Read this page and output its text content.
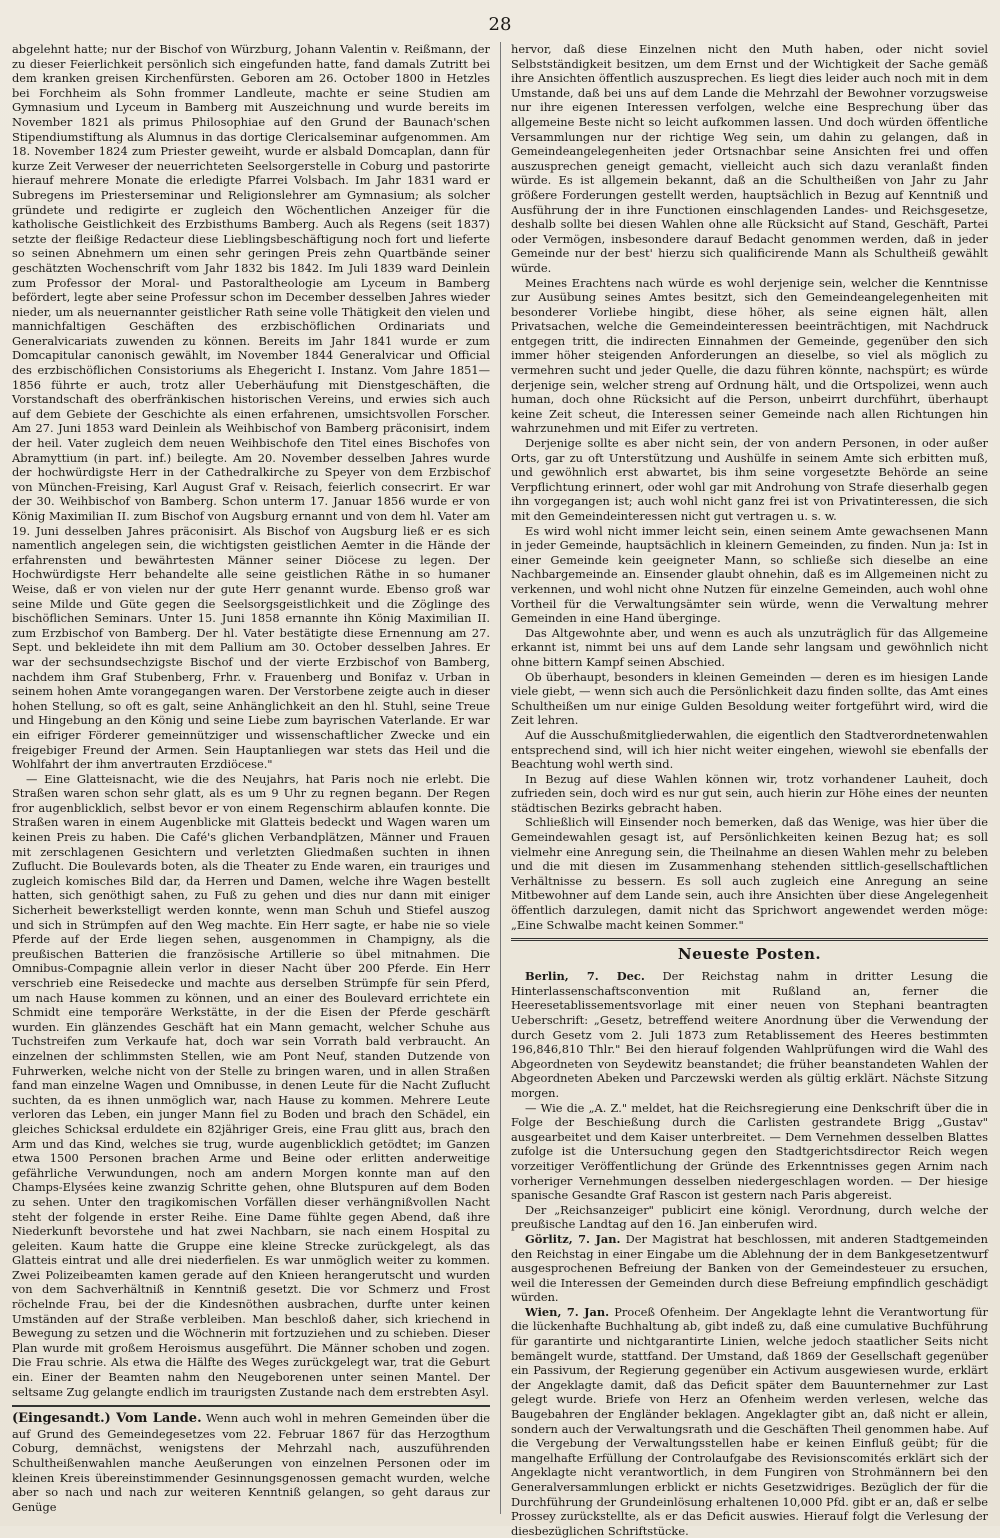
28

abgelehnt hatte; nur der Bischof von Würzburg, Johann Valentin v. Reißmann, der zu dieser Feierlichkeit persönlich sich eingefunden hatte, fand damals Zutritt bei dem kranken greisen Kirchenfürsten. Geboren am 26. October 1800 in Hetzles bei Forchheim als Sohn frommer Landleute, machte er seine Studien am Gymnasium und Lyceum in Bamberg mit Auszeichnung und wurde bereits im November 1821 als primus Philosophiae auf den Grund der Baunach'schen Stipendiumstiftung als Alumnus in das dortige Clericalseminar aufgenommen. Am 18. November 1824 zum Priester geweiht, wurde er alsbald Domcaplan, dann für kurze Zeit Verweser der neuerrichteten Seelsorgerstelle in Coburg und pastorirte hierauf mehrere Monate die erledigte Pfarrei Volsbach. Im Jahr 1831 ward er Subregens im Priesterseminar und Religionslehrer am Gymnasium; als solcher gründete und redigirte er zugleich den Wöchentlichen Anzeiger für die katholische Geistlichkeit des Erzbisthums Bamberg. Auch als Regens (seit 1837) setzte der fleißige Redacteur diese Lieblingsbeschäftigung noch fort und lieferte so seinen Abnehmern um einen sehr geringen Preis zehn Quartbände seiner geschätzten Wochenschrift vom Jahr 1832 bis 1842. Im Juli 1839 ward Deinlein zum Professor der Moral- und Pastoraltheologie am Lyceum in Bamberg befördert, legte aber seine Professur schon im December desselben Jahres wieder nieder, um als neuernannter geistlicher Rath seine volle Thätigkeit den vielen und mannichfaltigen Geschäften des erzbischöflichen Ordinariats und Generalvicariats zuwenden zu können. Bereits im Jahr 1841 wurde er zum Domcapitular canonisch gewählt, im November 1844 Generalvicar und Official des erzbischöflichen Consistoriums als Ehegericht I. Instanz. Vom Jahre 1851—1856 führte er auch, trotz aller Ueberhäufung mit Dienstgeschäften, die Vorstandschaft des oberfränkischen historischen Vereins, und erwies sich auch auf dem Gebiete der Geschichte als einen erfahrenen, umsichtsvollen Forscher. Am 27. Juni 1853 ward Deinlein als Weihbischof von Bamberg präconisirt, indem der heil. Vater zugleich dem neuen Weihbischofe den Titel eines Bischofes von Abramyttium (in part. inf.) beilegte. Am 20. November desselben Jahres wurde der hochwürdigste Herr in der Cathedralkirche zu Speyer von dem Erzbischof von München-Freising, Karl August Graf v. Reisach, feierlich consecrirt. Er war der 30. Weihbischof von Bamberg. Schon unterm 17. Januar 1856 wurde er von König Maximilian II. zum Bischof von Augsburg ernannt und von dem hl. Vater am 19. Juni desselben Jahres präconisirt. Als Bischof von Augsburg ließ er es sich namentlich angelegen sein, die wichtigsten geistlichen Aemter in die Hände der erfahrensten und bewährtesten Männer seiner Diöcese zu legen. Der Hochwürdigste Herr behandelte alle seine geistlichen Räthe in so humaner Weise, daß er von vielen nur der gute Herr genannt wurde. Ebenso groß war seine Milde und Güte gegen die Seelsorgsgeistlichkeit und die Zöglinge des bischöflichen Seminars. Unter 15. Juni 1858 ernannte ihn König Maximilian II. zum Erzbischof von Bamberg. Der hl. Vater bestätigte diese Ernennung am 27. Sept. und bekleidete ihn mit dem Pallium am 30. October desselben Jahres. Er war der sechsundsechzigste Bischof und der vierte Erzbischof von Bamberg, nachdem ihm Graf Stubenberg, Frhr. v. Frauenberg und Bonifaz v. Urban in seinem hohen Amte vorangegangen waren. Der Verstorbene zeigte auch in dieser hohen Stellung, so oft es galt, seine Anhänglichkeit an den hl. Stuhl, seine Treue und Hingebung an den König und seine Liebe zum bayrischen Vaterlande. Er war ein eifriger Förderer gemeinnütziger und wissenschaftlicher Zwecke und ein freigebiger Freund der Armen. Sein Hauptanliegen war stets das Heil und die Wohlfahrt der ihm anvertrauten Erzdiöcese."

— Eine Glatteisnacht, wie die des Neujahrs, hat Paris noch nie erlebt. Die Straßen waren schon sehr glatt, als es um 9 Uhr zu regnen begann. Der Regen fror augenblicklich, selbst bevor er von einem Regenschirm ablaufen konnte. Die Straßen waren in einem Augenblicke mit Glatteis bedeckt und Wagen waren um keinen Preis zu haben. Die Café's glichen Verbandplätzen, Männer und Frauen mit zerschlagenen Gesichtern und verletzten Gliedmaßen suchten in ihnen Zuflucht. Die Boulevards boten, als die Theater zu Ende waren, ein trauriges und zugleich komisches Bild dar, da Herren und Damen, welche ihre Wagen bestellt hatten, sich genöthigt sahen, zu Fuß zu gehen und dies nur dann mit einiger Sicherheit bewerkstelligt werden konnte, wenn man Schuh und Stiefel auszog und sich in Strümpfen auf den Weg machte. Ein Herr sagte, er habe nie so viele Pferde auf der Erde liegen sehen, ausgenommen in Champigny, als die preußischen Batterien die französische Artillerie so übel mitnahmen. Die Omnibus-Compagnie allein verlor in dieser Nacht über 200 Pferde. Ein Herr verschrieb eine Reisedecke und machte aus derselben Strümpfe für sein Pferd, um nach Hause kommen zu können, und an einer des Boulevard errichtete ein Schmidt eine temporäre Werkstätte, in der die Eisen der Pferde geschärft wurden. Ein glänzendes Geschäft hat ein Mann gemacht, welcher Schuhe aus Tuchstreifen zum Verkaufe hat, doch war sein Vorrath bald verbraucht. An einzelnen der schlimmsten Stellen, wie am Pont Neuf, standen Dutzende von Fuhrwerken, welche nicht von der Stelle zu bringen waren, und in allen Straßen fand man einzelne Wagen und Omnibusse, in denen Leute für die Nacht Zuflucht suchten, da es ihnen unmöglich war, nach Hause zu kommen. Mehrere Leute verloren das Leben, ein junger Mann fiel zu Boden und brach den Schädel, ein gleiches Schicksal erduldete ein 82jähriger Greis, eine Frau glitt aus, brach den Arm und das Kind, welches sie trug, wurde augenblicklich getödtet; im Ganzen etwa 1500 Personen brachen Arme und Beine oder erlitten anderweitige gefährliche Verwundungen, noch am andern Morgen konnte man auf den Champs-Elysées keine zwanzig Schritte gehen, ohne Blutspuren auf dem Boden zu sehen. Unter den tragikomischen Vorfällen dieser verhängnißvollen Nacht steht der folgende in erster Reihe. Eine Dame fühlte gegen Abend, daß ihre Niederkunft bevorstehe und hat zwei Nachbarn, sie nach einem Hospital zu geleiten. Kaum hatte die Gruppe eine kleine Strecke zurückgelegt, als das Glatteis eintrat und alle drei niederfielen. Es war unmöglich weiter zu kommen. Zwei Polizeibeamten kamen gerade auf den Knieen herangerutscht und wurden von dem Sachverhältniß in Kenntniß gesetzt. Die vor Schmerz und Frost röchelnde Frau, bei der die Kindesnöthen ausbrachen, durfte unter keinen Umständen auf der Straße verbleiben. Man beschloß daher, sich kriechend in Bewegung zu setzen und die Wöchnerin mit fortzuziehen und zu schieben. Dieser Plan wurde mit großem Heroismus ausgeführt. Die Männer schoben und zogen. Die Frau schrie. Als etwa die Hälfte des Weges zurückgelegt war, trat die Geburt ein. Einer der Beamten nahm den Neugeborenen unter seinen Mantel. Der seltsame Zug gelangte endlich im traurigsten Zustande nach dem erstrebten Asyl.

(Eingesandt.) Vom Lande. Wenn auch wohl in mehren Gemeinden über die auf Grund des Gemeindegesetzes vom 22. Februar 1867 für das Herzogthum Coburg, demnächst, wenigstens der Mehrzahl nach, auszuführenden Schultheißenwahlen manche Aeußerungen von einzelnen Personen oder im kleinen Kreis übereinstimmender Gesinnungsgenossen gemacht wurden, welche aber so nach und nach zur weiteren Kenntniß gelangen, so geht daraus zur Genüge

hervor, daß diese Einzelnen nicht den Muth haben, oder nicht soviel Selbstständigkeit besitzen, um dem Ernst und der Wichtigkeit der Sache gemäß ihre Ansichten öffentlich auszusprechen. Es liegt dies leider auch noch mit in dem Umstande, daß bei uns auf dem Lande die Mehrzahl der Bewohner vorzugsweise nur ihre eigenen Interessen verfolgen, welche eine Besprechung über das allgemeine Beste nicht so leicht aufkommen lassen. Und doch würden öffentliche Versammlungen nur der richtige Weg sein, um dahin zu gelangen, daß in Gemeindeangelegenheiten jeder Ortsnachbar seine Ansichten frei und offen auszusprechen geneigt gemacht, vielleicht auch sich dazu veranlaßt finden würde. Es ist allgemein bekannt, daß an die Schultheißen von Jahr zu Jahr größere Forderungen gestellt werden, hauptsächlich in Bezug auf Kenntniß und Ausführung der in ihre Functionen einschlagenden Landes- und Reichsgesetze, deshalb sollte bei diesen Wahlen ohne alle Rücksicht auf Stand, Geschäft, Partei oder Vermögen, insbesondere darauf Bedacht genommen werden, daß in jeder Gemeinde nur der best' hierzu sich qualificirende Mann als Schultheiß gewählt würde.

Meines Erachtens nach würde es wohl derjenige sein, welcher die Kenntnisse zur Ausübung seines Amtes besitzt, sich den Gemeindeangelegenheiten mit besonderer Vorliebe hingibt, diese höher, als seine eignen hält, allen Privatsachen, welche die Gemeindeinteressen beeinträchtigen, mit Nachdruck entgegen tritt, die indirecten Einnahmen der Gemeinde, gegenüber den sich immer höher steigenden Anforderungen an dieselbe, so viel als möglich zu vermehren sucht und jeder Quelle, die dazu führen könnte, nachspürt; es würde derjenige sein, welcher streng auf Ordnung hält, und die Ortspolizei, wenn auch human, doch ohne Rücksicht auf die Person, unbeirrt durchführt, überhaupt keine Zeit scheut, die Interessen seiner Gemeinde nach allen Richtungen hin wahrzunehmen und mit Eifer zu vertreten.

Derjenige sollte es aber nicht sein, der von andern Personen, in oder außer Orts, gar zu oft Unterstützung und Aushülfe in seinem Amte sich erbitten muß, und gewöhnlich erst abwartet, bis ihm seine vorgesetzte Behörde an seine Verpflichtung erinnert, oder wohl gar mit Androhung von Strafe dieserhalb gegen ihn vorgegangen ist; auch wohl nicht ganz frei ist von Privatinteressen, die sich mit den Gemeindeinteressen nicht gut vertragen u. s. w.

Es wird wohl nicht immer leicht sein, einen seinem Amte gewachsenen Mann in jeder Gemeinde, hauptsächlich in kleinern Gemeinden, zu finden. Nun ja: Ist in einer Gemeinde kein geeigneter Mann, so schließe sich dieselbe an eine Nachbargemeinde an. Einsender glaubt ohnehin, daß es im Allgemeinen nicht zu verkennen, und wohl nicht ohne Nutzen für einzelne Gemeinden, auch wohl ohne Vortheil für die Verwaltungsämter sein würde, wenn die Verwaltung mehrer Gemeinden in eine Hand überginge.

Das Altgewohnte aber, und wenn es auch als unzuträglich für das Allgemeine erkannt ist, nimmt bei uns auf dem Lande sehr langsam und gewöhnlich nicht ohne bittern Kampf seinen Abschied.

Ob überhaupt, besonders in kleinen Gemeinden — deren es im hiesigen Lande viele giebt, — wenn sich auch die Persönlichkeit dazu finden sollte, das Amt eines Schultheißen um nur einige Gulden Besoldung weiter fortgeführt wird, wird die Zeit lehren.

Auf die Ausschußmitgliederwahlen, die eigentlich den Stadtverordnetenwahlen entsprechend sind, will ich hier nicht weiter eingehen, wiewohl sie ebenfalls der Beachtung wohl werth sind.

In Bezug auf diese Wahlen können wir, trotz vorhandener Lauheit, doch zufrieden sein, doch wird es nur gut sein, auch hierin zur Höhe eines der neunten städtischen Bezirks gebracht haben.

Schließlich will Einsender noch bemerken, daß das Wenige, was hier über die Gemeindewahlen gesagt ist, auf Persönlichkeiten keinen Bezug hat; es soll vielmehr eine Anregung sein, die Theilnahme an diesen Wahlen mehr zu beleben und die mit diesen im Zusammenhang stehenden sittlich-gesellschaftlichen Verhältnisse zu bessern. Es soll auch zugleich eine Anregung an seine Mitbewohner auf dem Lande sein, auch ihre Ansichten über diese Angelegenheit öffentlich darzulegen, damit nicht das Sprichwort angewendet werden möge: „Eine Schwalbe macht keinen Sommer."

Neueste Posten.

Berlin, 7. Dec. Der Reichstag nahm in dritter Lesung die Hinterlassenschaftsconvention mit Rußland an, ferner die Heeresetablissementsvorlage mit einer neuen von Stephani beantragten Ueberschrift: „Gesetz, betreffend weitere Anordnung über die Verwendung der durch Gesetz vom 2. Juli 1873 zum Retablissement des Heeres bestimmten 196,846,810 Thlr." Bei den hierauf folgenden Wahlprüfungen wird die Wahl des Abgeordneten von Seydewitz beanstandet; die früher beanstandeten Wahlen der Abgeordneten Abeken und Parczewski werden als gültig erklärt. Nächste Sitzung morgen.

— Wie die „A. Z." meldet, hat die Reichsregierung eine Denkschrift über die in Folge der Beschießung durch die Carlisten gestrandete Brigg „Gustav" ausgearbeitet und dem Kaiser unterbreitet. — Dem Vernehmen desselben Blattes zufolge ist die Untersuchung gegen den Stadtgerichtsdirector Reich wegen vorzeitiger Veröffentlichung der Gründe des Erkenntnisses gegen Arnim nach vorheriger Vernehmungen desselben niedergeschlagen worden. — Der hiesige spanische Gesandte Graf Rascon ist gestern nach Paris abgereist.

Der „Reichsanzeiger" publicirt eine königl. Verordnung, durch welche der preußische Landtag auf den 16. Jan einberufen wird.

Görlitz, 7. Jan. Der Magistrat hat beschlossen, mit anderen Stadtgemeinden den Reichstag in einer Eingabe um die Ablehnung der in dem Bankgesetzentwurf ausgesprochenen Befreiung der Banken von der Gemeindesteuer zu ersuchen, weil die Interessen der Gemeinden durch diese Befreiung empfindlich geschädigt würden.

Wien, 7. Jan. Proceß Ofenheim. Der Angeklagte lehnt die Verantwortung für die lückenhafte Buchhaltung ab, gibt indeß zu, daß eine cumulative Buchführung für garantirte und nichtgarantirte Linien, welche jedoch staatlicher Seits nicht bemängelt wurde, stattfand. Der Umstand, daß 1869 der Gesellschaft gegenüber ein Passivum, der Regierung gegenüber ein Activum ausgewiesen wurde, erklärt der Angeklagte damit, daß das Deficit später dem Bauunternehmer zur Last gelegt wurde. Briefe von Herz an Ofenheim werden verlesen, welche das Baugebahren der Engländer beklagen. Angeklagter gibt an, daß nicht er allein, sondern auch der Verwaltungsrath und die Geschäften Theil genommen habe. Auf die Vergebung der Verwaltungsstellen habe er keinen Einfluß geübt; für die mangelhafte Erfüllung der Controlaufgabe des Revisionscomités erklärt sich der Angeklagte nicht verantwortlich, in dem Fungiren von Strohmännern bei den Generalversammlungen erblickt er nichts Gesetzwidriges. Bezüglich der für die Durchführung der Grundeinlösung erhaltenen 10,000 Pfd. gibt er an, daß er selbe Prossey zurückstellte, als er das Deficit auswies. Hierauf folgt die Verlesung der diesbezüglichen Schriftstücke.
